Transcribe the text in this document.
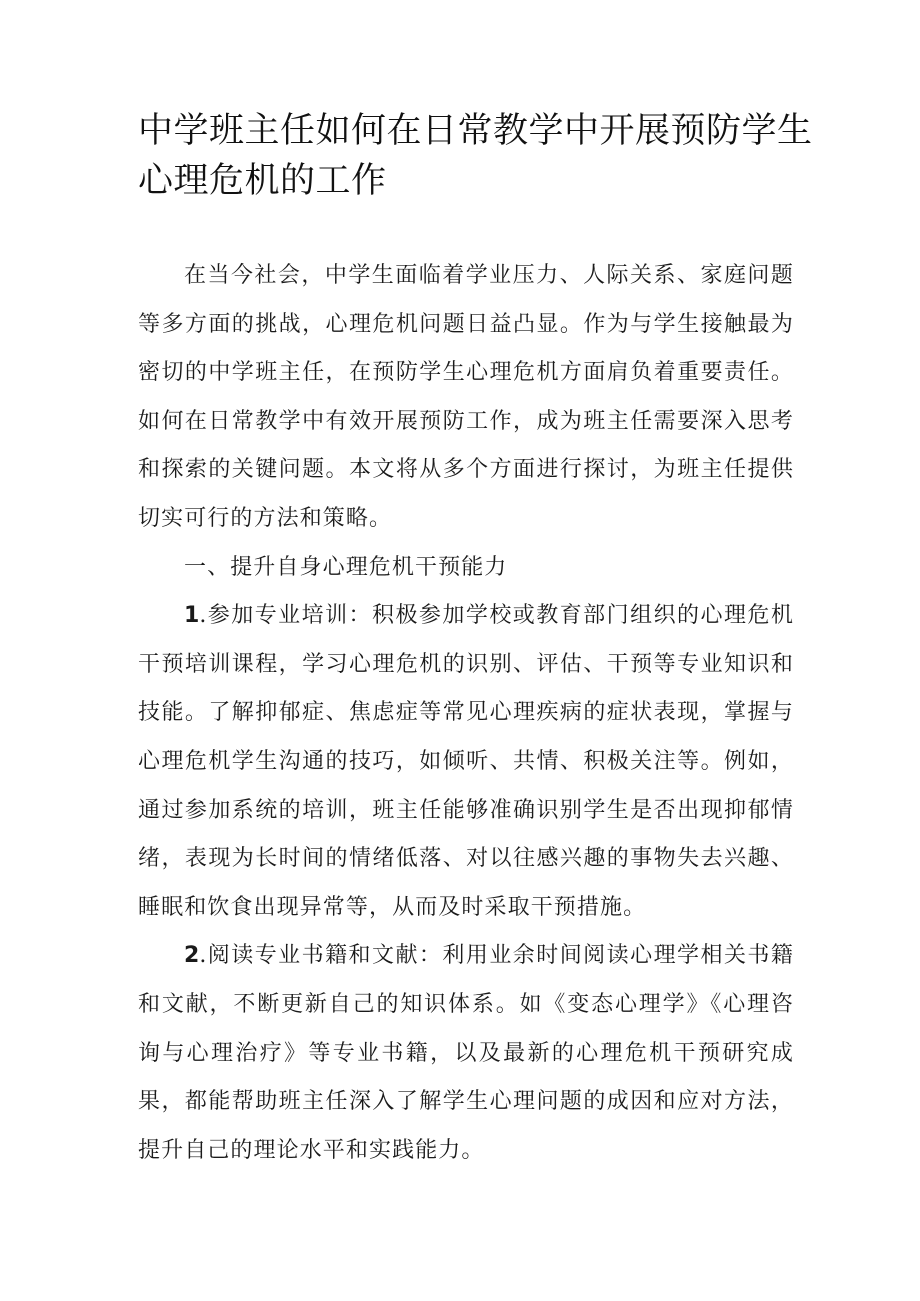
中学班主任如何在日常教学中开展预防学生心理危机的工作

在当今社会，中学生面临着学业压力、人际关系、家庭问题等多方面的挑战，心理危机问题日益凸显。作为与学生接触最为密切的中学班主任，在预防学生心理危机方面肩负着重要责任。如何在日常教学中有效开展预防工作，成为班主任需要深入思考和探索的关键问题。本文将从多个方面进行探讨，为班主任提供切实可行的方法和策略。

一、提升自身心理危机干预能力

1.参加专业培训：积极参加学校或教育部门组织的心理危机干预培训课程，学习心理危机的识别、评估、干预等专业知识和技能。了解抑郁症、焦虑症等常见心理疾病的症状表现，掌握与心理危机学生沟通的技巧，如倾听、共情、积极关注等。例如，通过参加系统的培训，班主任能够准确识别学生是否出现抑郁情绪，表现为长时间的情绪低落、对以往感兴趣的事物失去兴趣、睡眠和饮食出现异常等，从而及时采取干预措施。

2.阅读专业书籍和文献：利用业余时间阅读心理学相关书籍和文献，不断更新自己的知识体系。如《变态心理学》《心理咨询与心理治疗》等专业书籍，以及最新的心理危机干预研究成果，都能帮助班主任深入了解学生心理问题的成因和应对方法，提升自己的理论水平和实践能力。
